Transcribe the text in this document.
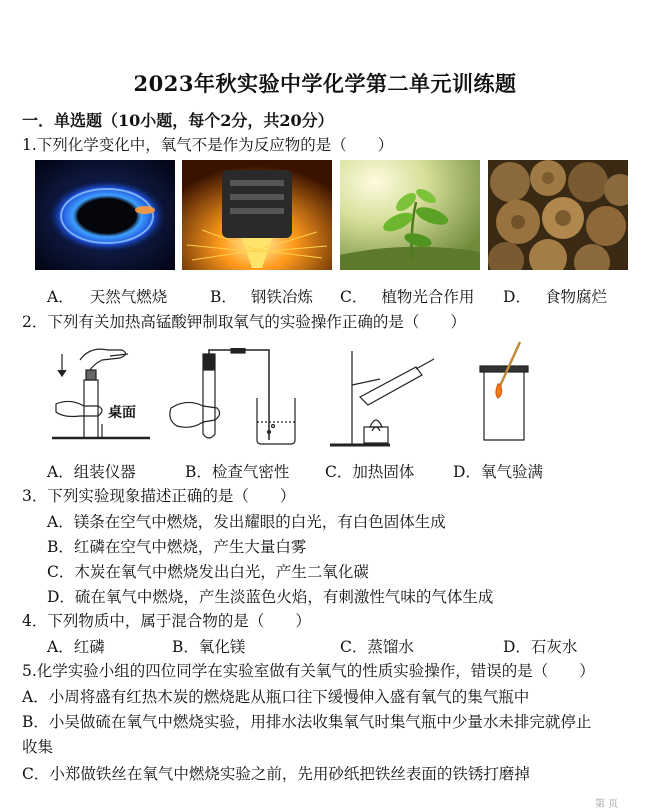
2023年秋实验中学化学第二单元训练题
一．单选题（10小题，每个2分，共20分）
1.下列化学变化中，氧气不是作为反应物的是（　　）
A． 天然气燃烧	B． 钢铁冶炼 C． 植物光合作用 D． 食物腐烂
2．下列有关加热高锰酸钾制取氧气的实验操作正确的是（　　）
桌面
A．组装仪器	B．检查气密性 C．加热固体 D．氧气验满
3．下列实验现象描述正确的是（　　）
A．镁条在空气中燃烧，发出耀眼的白光，有白色固体生成
B．红磷在空气中燃烧，产生大量白雾
C．木炭在氧气中燃烧发出白光，产生二氧化碳
D．硫在氧气中燃烧，产生淡蓝色火焰，有刺激性气味的气体生成
4．下列物质中，属于混合物的是（　　）
A．红磷	B．氧化镁	C．蒸馏水	D．石灰水
5.化学实验小组的四位同学在实验室做有关氧气的性质实验操作，错误的是（　　）
A．小周将盛有红热木炭的燃烧匙从瓶口往下缓慢伸入盛有氧气的集气瓶中
B．小吴做硫在氧气中燃烧实验，用排水法收集氧气时集气瓶中少量水未排完就停止
收集
C．小郑做铁丝在氧气中燃烧实验之前，先用砂纸把铁丝表面的铁锈打磨掉
第 页
